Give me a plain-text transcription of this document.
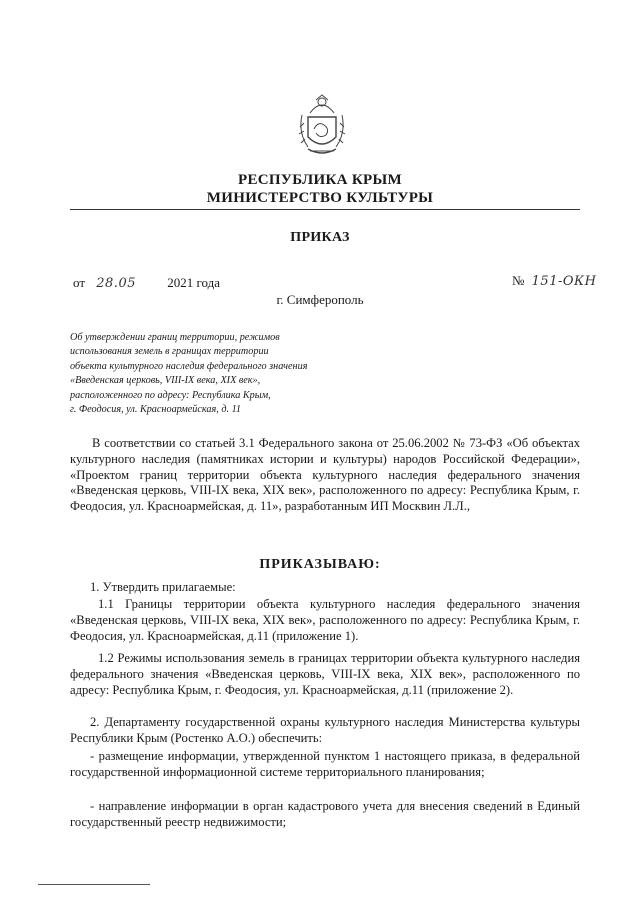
РЕСПУБЛИКА КРЫМ
МИНИСТЕРСТВО КУЛЬТУРЫ
ПРИКАЗ
от 28.05 2021 года	№ 151-ОКН
г. Симферополь
Об утверждении границ территории, режимов
использования земель в границах территории
объекта культурного наследия федерального значения
«Введенская церковь, VIII-IX века, XIX век»,
расположенного по адресу: Республика Крым,
г. Феодосия, ул. Красноармейская, д. 11
В соответствии со статьей 3.1 Федерального закона от 25.06.2002 № 73-ФЗ «Об объектах культурного наследия (памятниках истории и культуры) народов Российской Федерации», «Проектом границ территории объекта культурного наследия федерального значения «Введенская церковь, VIII-IX века, XIX век», расположенного по адресу: Республика Крым, г. Феодосия, ул. Красноармейская, д. 11», разработанным ИП Москвин Л.Л.,
ПРИКАЗЫВАЮ:
1. Утвердить прилагаемые:
1.1 Границы территории объекта культурного наследия федерального значения «Введенская церковь, VIII-IX века, XIX век», расположенного по адресу: Республика Крым, г. Феодосия, ул. Красноармейская, д.11 (приложение 1).
1.2 Режимы использования земель в границах территории объекта культурного наследия федерального значения «Введенская церковь, VIII-IX века, XIX век», расположенного по адресу: Республика Крым, г. Феодосия, ул. Красноармейская, д.11 (приложение 2).
2. Департаменту государственной охраны культурного наследия Министерства культуры Республики Крым (Ростенко А.О.) обеспечить:
- размещение информации, утвержденной пунктом 1 настоящего приказа, в федеральной государственной информационной системе территориального планирования;
- направление информации в орган кадастрового учета для внесения сведений в Единый государственный реестр недвижимости;
